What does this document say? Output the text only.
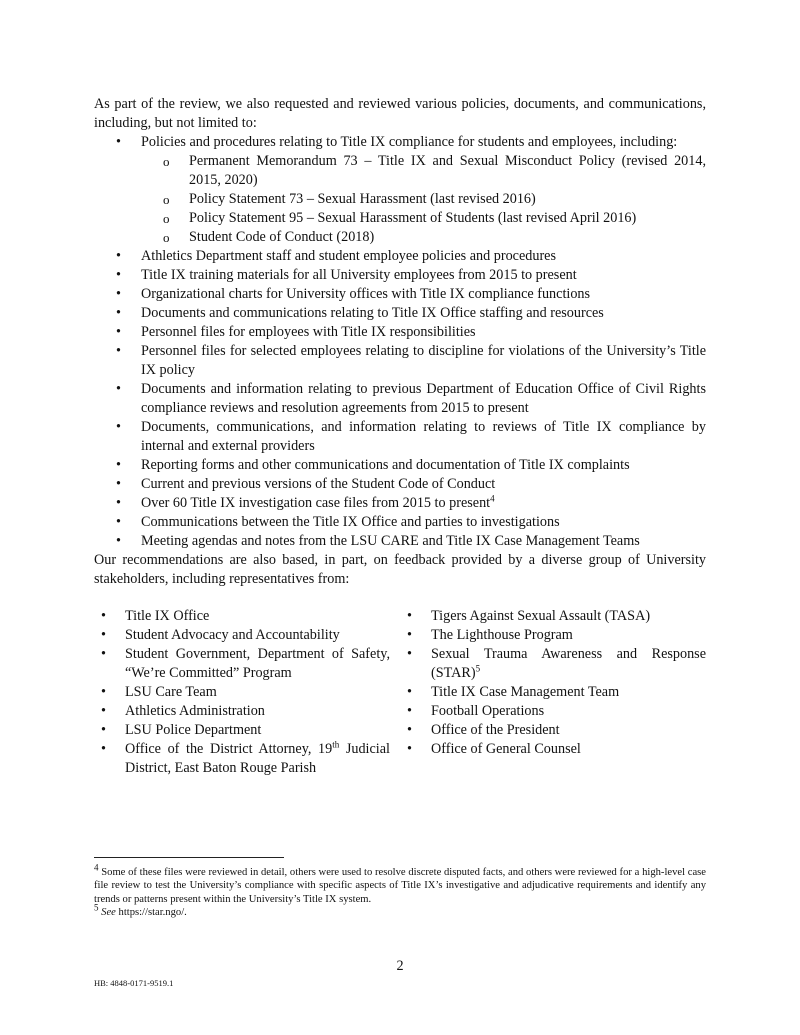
As part of the review, we also requested and reviewed various policies, documents, and communications, including, but not limited to:

• Policies and procedures relating to Title IX compliance for students and employees, including:
o Permanent Memorandum 73 – Title IX and Sexual Misconduct Policy (revised 2014, 2015, 2020)
o Policy Statement 73 – Sexual Harassment (last revised 2016)
o Policy Statement 95 – Sexual Harassment of Students (last revised April 2016)
o Student Code of Conduct (2018)
• Athletics Department staff and student employee policies and procedures
• Title IX training materials for all University employees from 2015 to present
• Organizational charts for University offices with Title IX compliance functions
• Documents and communications relating to Title IX Office staffing and resources
• Personnel files for employees with Title IX responsibilities
• Personnel files for selected employees relating to discipline for violations of the University’s Title IX policy
• Documents and information relating to previous Department of Education Office of Civil Rights compliance reviews and resolution agreements from 2015 to present
• Documents, communications, and information relating to reviews of Title IX compliance by internal and external providers
• Reporting forms and other communications and documentation of Title IX complaints
• Current and previous versions of the Student Code of Conduct
• Over 60 Title IX investigation case files from 2015 to present$^4$
• Communications between the Title IX Office and parties to investigations
• Meeting agendas and notes from the LSU CARE and Title IX Case Management Teams

Our recommendations are also based, in part, on feedback provided by a diverse group of University stakeholders, including representatives from:

• Title IX Office
• Student Advocacy and Accountability
• Student Government, Department of Safety, “We’re Committed” Program
• LSU Care Team
• Athletics Administration
• LSU Police Department
• Office of the District Attorney, 19th Judicial District, East Baton Rouge Parish
• Tigers Against Sexual Assault (TASA)
• The Lighthouse Program
• Sexual Trauma Awareness and Response (STAR)$^5$
• Title IX Case Management Team
• Football Operations
• Office of the President
• Office of General Counsel

$^4$ Some of these files were reviewed in detail, others were used to resolve discrete disputed facts, and others were reviewed for a high-level case file review to test the University’s compliance with specific aspects of Title IX’s investigative and adjudicative requirements and identify any trends or patterns present within the University’s Title IX system.

$^5$ See https://star.ngo/.

2
HB: 4848-0171-9519.1
